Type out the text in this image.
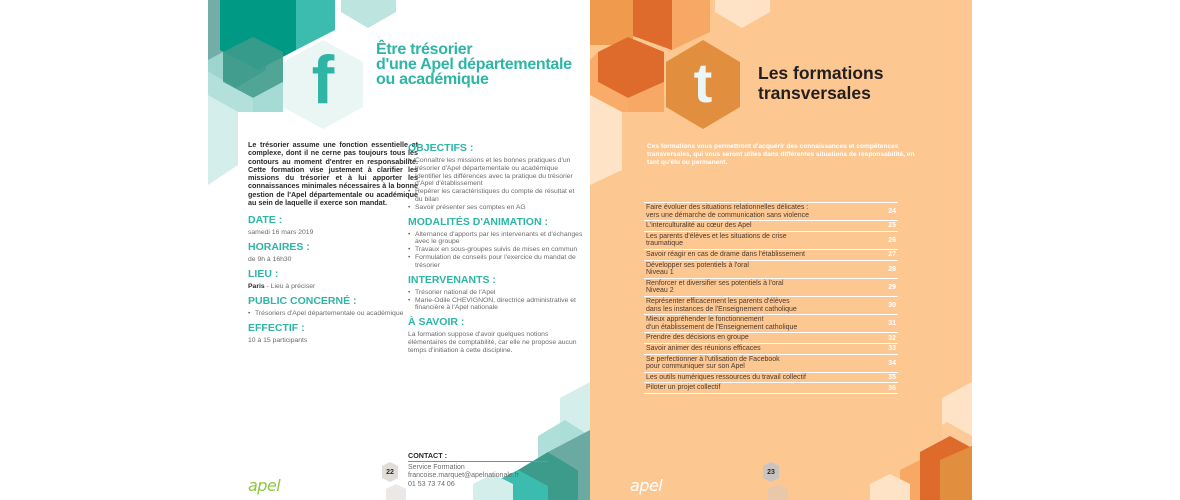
f	Être trésorier
d'une Apel départementale
ou académique

Le trésorier assume une fonction essentielle et complexe, dont il ne cerne pas toujours tous les contours au moment d'entrer en responsabilité. Cette formation vise justement à clarifier les missions du trésorier et à lui apporter les connaissances minimales nécessaires à la bonne gestion de l'Apel départementale ou académique au sein de laquelle il exerce son mandat.

DATE :
samedi 16 mars 2019
HORAIRES :
de 9h à 16h30
LIEU :
Paris - Lieu à préciser
PUBLIC CONCERNÉ :
• Trésoriers d'Apel départementale ou académique
EFFECTIF :
10 à 15 participants
OBJECTIFS :
• Connaître les missions et les bonnes pratiques d'un trésorier d'Apel départementale ou académique
• Identifier les différences avec la pratique du trésorier d'Apel d'établissement
• Repérer les caractéristiques du compte de résultat et du bilan
• Savoir présenter ses comptes en AG
MODALITÉS D'ANIMATION :
• Alternance d'apports par les intervenants et d'échanges avec le groupe
• Travaux en sous-groupes suivis de mises en commun
• Formulation de conseils pour l'exercice du mandat de trésorier
INTERVENANTS :
• Trésorier national de l'Apel
• Marie-Odile CHEVIGNON, directrice administrative et financière à l'Apel nationale
À SAVOIR :
La formation suppose d'avoir quelques notions élémentaires de comptabilité, car elle ne propose aucun temps d'initiation à cette discipline.
CONTACT :
Service Formation
francoise.marquet@apelnationale.fr
01 53 73 74 06
22
apel
t	Les formations
transversales

Ces formations vous permettront d'acquérir des connaissances et compétences transversales, qui vous seront utiles dans différentes situations de responsabilité, en tant qu'élu ou permanent.

Faire évoluer des situations relationnelles délicates :
vers une démarche de communication sans violence	24
L'interculturalité au cœur des Apel	25
Les parents d'élèves et les situations de crise
traumatique	26
Savoir réagir en cas de drame dans l'établissement	27
Développer ses potentiels à l'oral
Niveau 1	28
Renforcer et diversifier ses potentiels à l'oral
Niveau 2	29
Représenter efficacement les parents d'élèves
dans les instances de l'Enseignement catholique	30
Mieux appréhender le fonctionnement
d'un établissement de l'Enseignement catholique	31
Prendre des décisions en groupe	32
Savoir animer des réunions efficaces	33
Se perfectionner à l'utilisation de Facebook
pour communiquer sur son Apel	34
Les outils numériques ressources du travail collectif	35
Piloter un projet collectif	36
23
apel
